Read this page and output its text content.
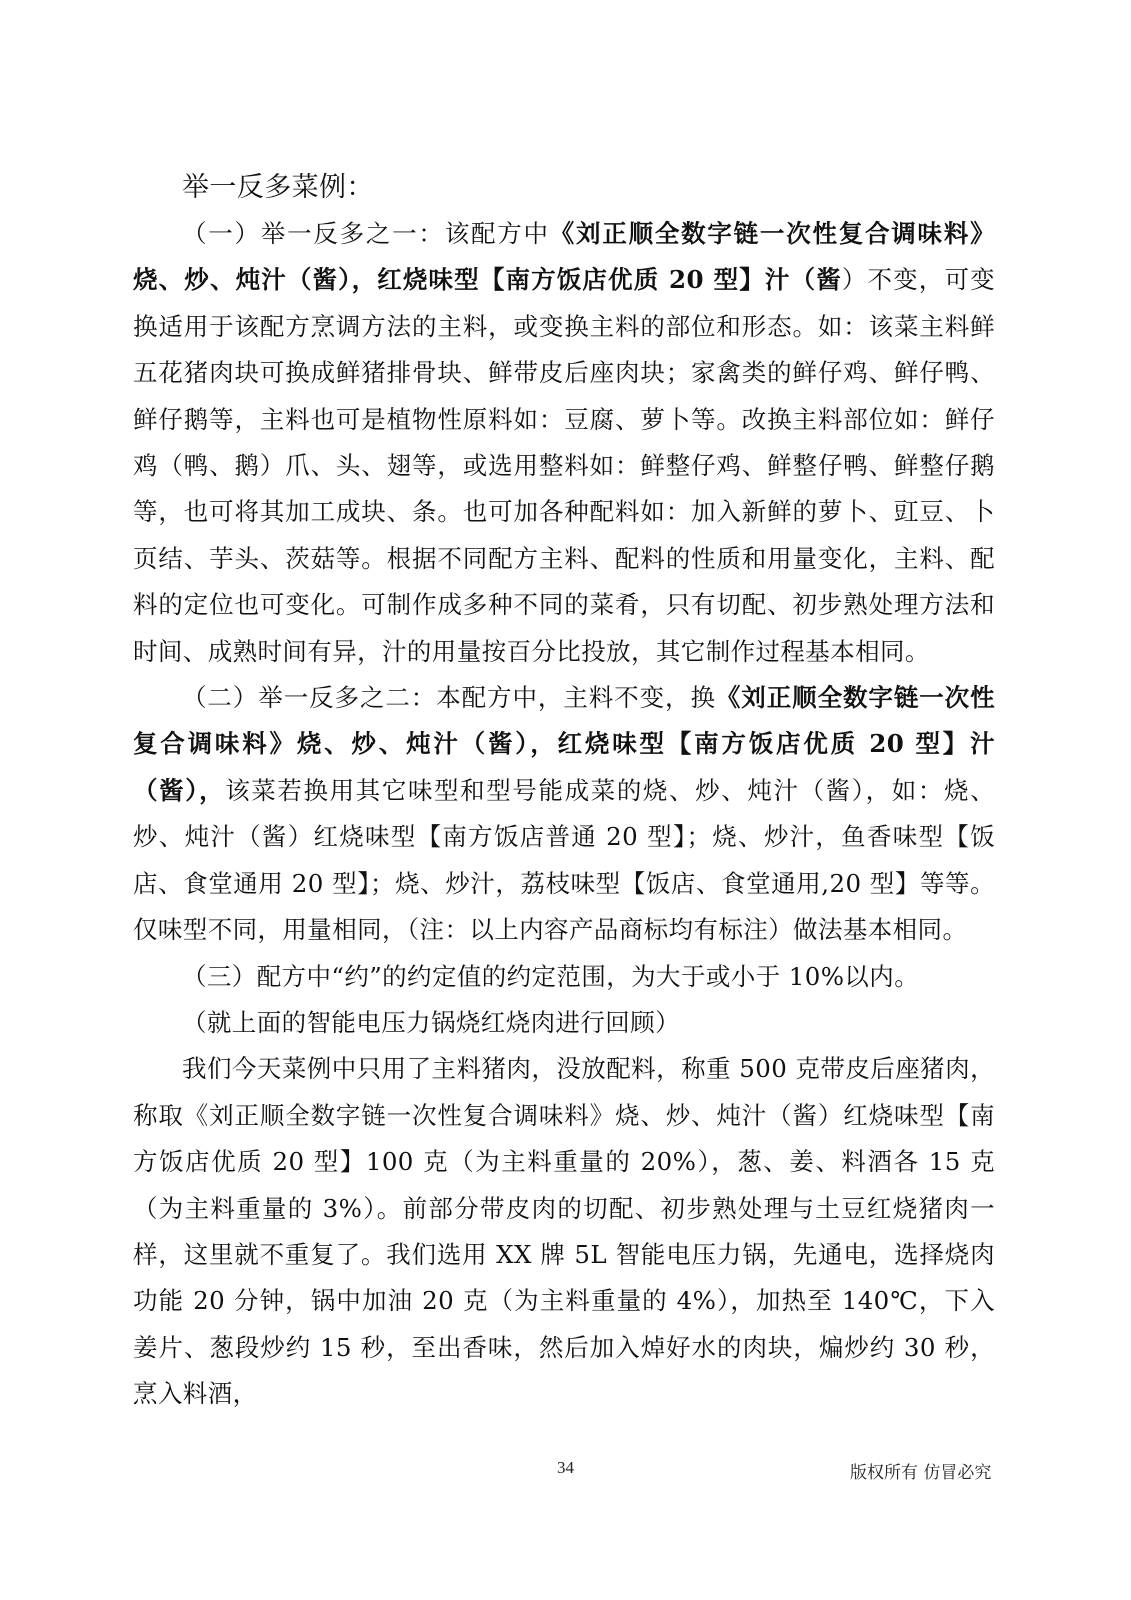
举一反多菜例：

（一）举一反多之一：该配方中《刘正顺全数字链一次性复合调味料》烧、炒、炖汁（酱），红烧味型【南方饭店优质 20 型】汁（酱）不变，可变换适用于该配方烹调方法的主料，或变换主料的部位和形态。如：该菜主料鲜五花猪肉块可换成鲜猪排骨块、鲜带皮后座肉块；家禽类的鲜仔鸡、鲜仔鸭、鲜仔鹅等，主料也可是植物性原料如：豆腐、萝卜等。改换主料部位如：鲜仔鸡（鸭、鹅）爪、头、翅等，或选用整料如：鲜整仔鸡、鲜整仔鸭、鲜整仔鹅等，也可将其加工成块、条。也可加各种配料如：加入新鲜的萝卜、豇豆、卜页结、芋头、茨菇等。根据不同配方主料、配料的性质和用量变化，主料、配料的定位也可变化。可制作成多种不同的菜肴，只有切配、初步熟处理方法和时间、成熟时间有异，汁的用量按百分比投放，其它制作过程基本相同。

（二）举一反多之二：本配方中，主料不变，换《刘正顺全数字链一次性复合调味料》烧、炒、炖汁（酱），红烧味型【南方饭店优质 20 型】汁（酱），该菜若换用其它味型和型号能成菜的烧、炒、炖汁（酱），如：烧、炒、炖汁（酱）红烧味型【南方饭店普通 20 型】；烧、炒汁，鱼香味型【饭店、食堂通用 20 型】；烧、炒汁，荔枝味型【饭店、食堂通用,20 型】等等。仅味型不同，用量相同，（注：以上内容产品商标均有标注）做法基本相同。

（三）配方中“约”的约定值的约定范围，为大于或小于 10%以内。

（就上面的智能电压力锅烧红烧肉进行回顾）

我们今天菜例中只用了主料猪肉，没放配料，称重 500 克带皮后座猪肉，称取《刘正顺全数字链一次性复合调味料》烧、炒、炖汁（酱）红烧味型【南方饭店优质 20 型】100 克（为主料重量的 20%），葱、姜、料酒各 15 克（为主料重量的 3%）。前部分带皮肉的切配、初步熟处理与土豆红烧猪肉一样，这里就不重复了。我们选用 XX 牌 5L 智能电压力锅，先通电，选择烧肉功能 20 分钟，锅中加油 20 克（为主料重量的 4%），加热至 140℃，下入姜片、葱段炒约 15 秒，至出香味，然后加入焯好水的肉块，煸炒约 30 秒，烹入料酒，

34	版权所有 仿冒必究
